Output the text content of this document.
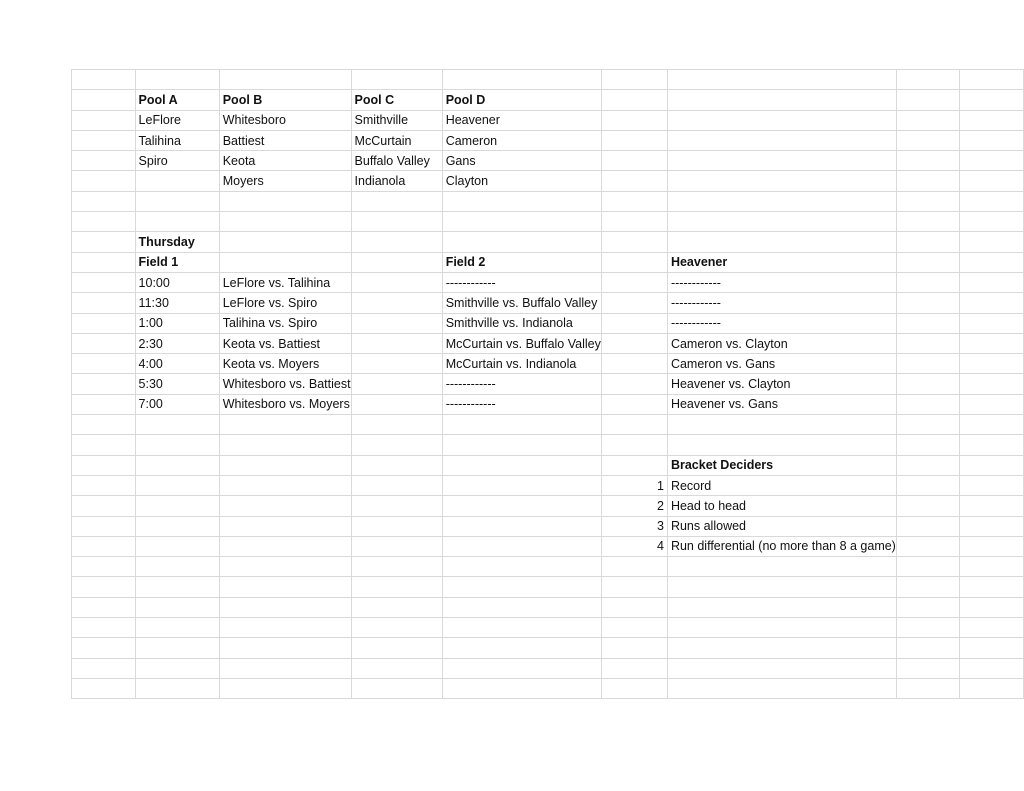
	Pool A	Pool B	Pool C	Pool D				
	LeFlore	Whitesboro	Smithville	Heavener				
	Talihina	Battiest	McCurtain	Cameron				
	Spiro	Keota	Buffalo Valley	Gans				
		Moyers	Indianola	Clayton				

	Thursday							
	Field 1			Field 2		Heavener		
	10:00	LeFlore vs. Talihina		------------		------------		
	11:30	LeFlore vs. Spiro		Smithville vs. Buffalo Valley		------------		
	1:00	Talihina vs. Spiro		Smithville vs. Indianola		------------		
	2:30	Keota vs. Battiest		McCurtain vs. Buffalo Valley		Cameron vs. Clayton		
	4:00	Keota vs. Moyers		McCurtain vs. Indianola		Cameron vs. Gans		
	5:30	Whitesboro vs. Battiest		------------		Heavener vs. Clayton		
	7:00	Whitesboro vs. Moyers		------------		Heavener vs. Gans		

						Bracket Deciders		
					1	Record		
					2	Head to head		
					3	Runs allowed		
					4	Run differential (no more than 8 a game)		
